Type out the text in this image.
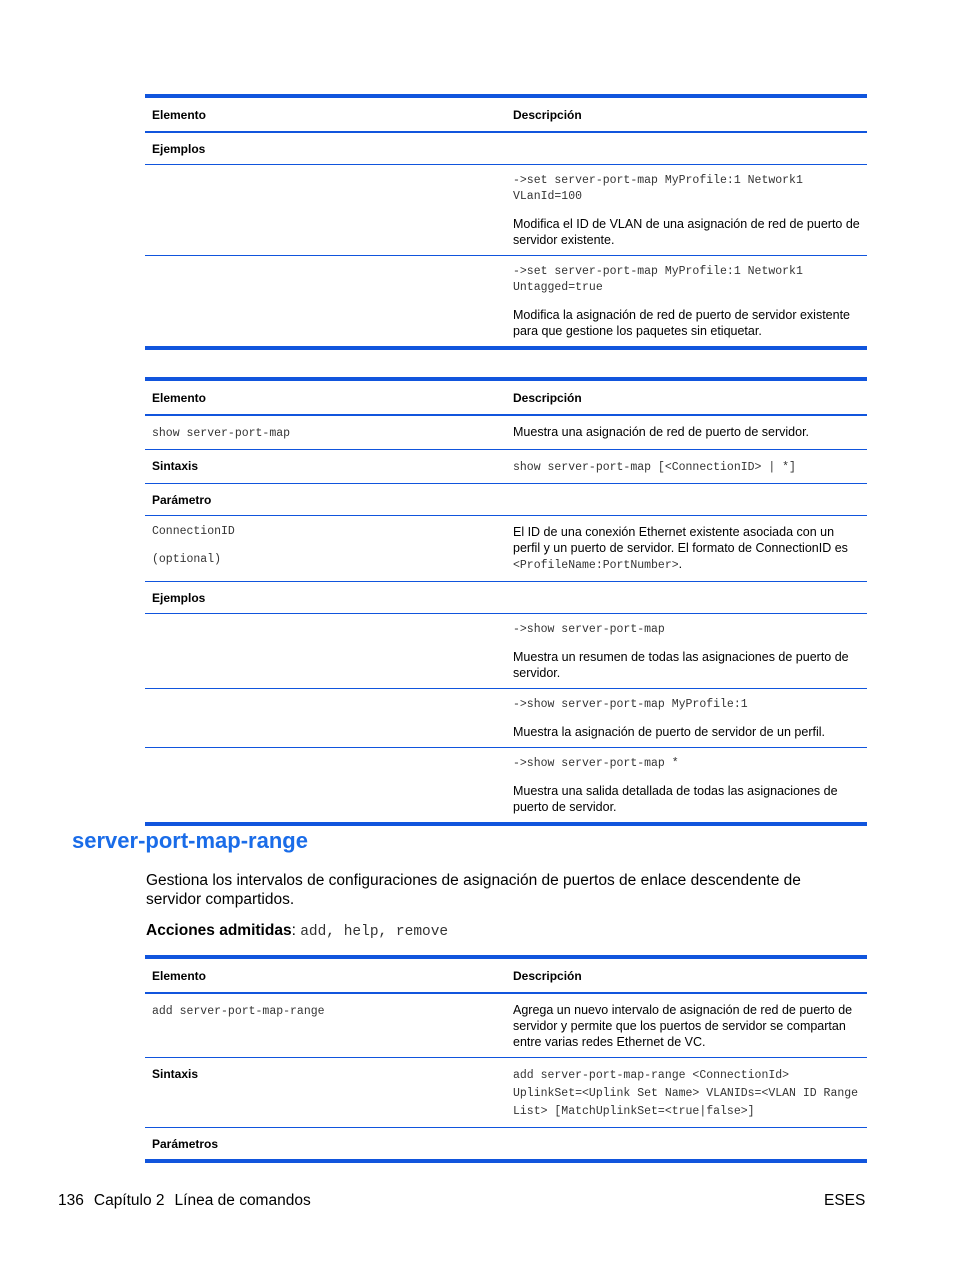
Elemento	Descripción
Ejemplos	

	->set server-port-map MyProfile:1 Network1 VLanId=100
Modifica el ID de VLAN de una asignación de red de puerto de servidor existente.

	->set server-port-map MyProfile:1 Network1 Untagged=true
Modifica la asignación de red de puerto de servidor existente para que gestione los paquetes sin etiquetar.
Elemento	Descripción
show server-port-map	Muestra una asignación de red de puerto de servidor.
Sintaxis	show server-port-map [<ConnectionID> | *]
Parámetro	

ConnectionID
(optional)	El ID de una conexión Ethernet existente asociada con un perfil y un puerto de servidor. El formato de ConnectionID es <ProfileName:PortNumber>.
Ejemplos	

	->show server-port-map
Muestra un resumen de todas las asignaciones de puerto de servidor.

	->show server-port-map MyProfile:1
Muestra la asignación de puerto de servidor de un perfil.

	->show server-port-map *
Muestra una salida detallada de todas las asignaciones de puerto de servidor.
server-port-map-range

Gestiona los intervalos de configuraciones de asignación de puertos de enlace descendente de servidor compartidos.

Acciones admitidas: add, help, remove

Elemento	Descripción
add server-port-map-range	Agrega un nuevo intervalo de asignación de red de puerto de servidor y permite que los puertos de servidor se compartan entre varias redes Ethernet de VC.
Sintaxis	add server-port-map-range <ConnectionId> UplinkSet=<Uplink Set Name> VLANIDs=<VLAN ID Range List> [MatchUplinkSet=<true|false>]
Parámetros	
136 Capítulo 2 Línea de comandos	ESES
